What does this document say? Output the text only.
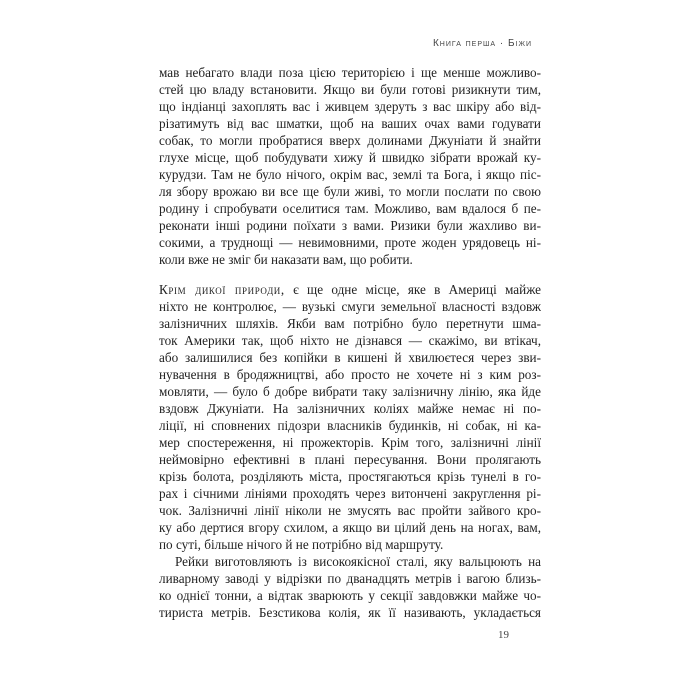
Книга перша · Біжи
мав небагато влади поза цією територією і ще менше можливо-
стей цю владу встановити. Якщо ви були готові ризикнути тим,
що індіанці захоплять вас і живцем здеруть з вас шкіру або від-
різатимуть від вас шматки, щоб на ваших очах вами годувати
собак, то могли пробратися вверх долинами Джуніати й знайти
глухе місце, щоб побудувати хижу й швидко зібрати врожай ку-
курудзи. Там не було нічого, окрім вас, землі та Бога, і якщо піс-
ля збору врожаю ви все ще були живі, то могли послати по свою
родину і спробувати оселитися там. Можливо, вам вдалося б пе-
реконати інші родини поїхати з вами. Ризики були жахливо ви-
сокими, а труднощі — невимовними, проте жоден урядовець ні-
коли вже не зміг би наказати вам, що робити.
Крім дикої природи, є ще одне місце, яке в Америці майже
ніхто не контролює, — вузькі смуги земельної власності вздовж
залізничних шляхів. Якби вам потрібно було перетнути шма-
ток Америки так, щоб ніхто не дізнався — скажімо, ви втікач,
або залишилися без копійки в кишені й хвилюєтеся через зви-
нувачення в бродяжництві, або просто не хочете ні з ким роз-
мовляти, — було б добре вибрати таку залізничну лінію, яка йде
вздовж Джуніати. На залізничних коліях майже немає ні по-
ліції, ні сповнених підозри власників будинків, ні собак, ні ка-
мер спостереження, ні прожекторів. Крім того, залізничні лінії
неймовірно ефективні в плані пересування. Вони пролягають
крізь болота, розділяють міста, простягаються крізь тунелі в го-
рах і січними лініями проходять через витончені закруглення рі-
чок. Залізничні лінії ніколи не змусять вас пройти зайвого кро-
ку або дертися вгору схилом, а якщо ви цілий день на ногах, вам,
по суті, більше нічого й не потрібно від маршруту.
Рейки виготовляють із високоякісної сталі, яку вальцюють на
ливарному заводі у відрізки по дванадцять метрів і вагою близь-
ко однієї тонни, а відтак зварюють у секції завдовжки майже чо-
тириста метрів. Безстикова колія, як її називають, укладається
19
